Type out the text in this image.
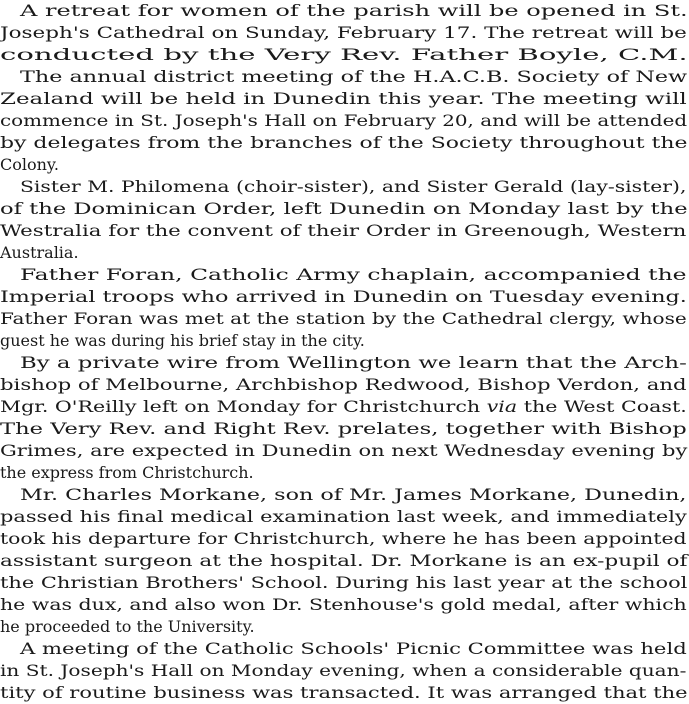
A retreat for women of the parish will be opened in St.
Joseph's Cathedral on Sunday, February 17. The retreat will be
conducted by the Very Rev. Father Boyle, C.M.
The annual district meeting of the H.A.C.B. Society of New
Zealand will be held in Dunedin this year. The meeting will
commence in St. Joseph's Hall on February 20, and will be attended
by delegates from the branches of the Society throughout the
Colony.
Sister M. Philomena (choir-sister), and Sister Gerald (lay-sister),
of the Dominican Order, left Dunedin on Monday last by the
Westralia for the convent of their Order in Greenough, Western
Australia.
Father Foran, Catholic Army chaplain, accompanied the
Imperial troops who arrived in Dunedin on Tuesday evening.
Father Foran was met at the station by the Cathedral clergy, whose
guest he was during his brief stay in the city.
By a private wire from Wellington we learn that the Arch-
bishop of Melbourne, Archbishop Redwood, Bishop Verdon, and
Mgr. O'Reilly left on Monday for Christchurch via the West Coast.
The Very Rev. and Right Rev. prelates, together with Bishop
Grimes, are expected in Dunedin on next Wednesday evening by
the express from Christchurch.
Mr. Charles Morkane, son of Mr. James Morkane, Dunedin,
passed his final medical examination last week, and immediately
took his departure for Christchurch, where he has been appointed
assistant surgeon at the hospital. Dr. Morkane is an ex-pupil of
the Christian Brothers' School. During his last year at the school
he was dux, and also won Dr. Stenhouse's gold medal, after which
he proceeded to the University.
A meeting of the Catholic Schools' Picnic Committee was held
in St. Joseph's Hall on Monday evening, when a considerable quan-
tity of routine business was transacted. It was arranged that the
